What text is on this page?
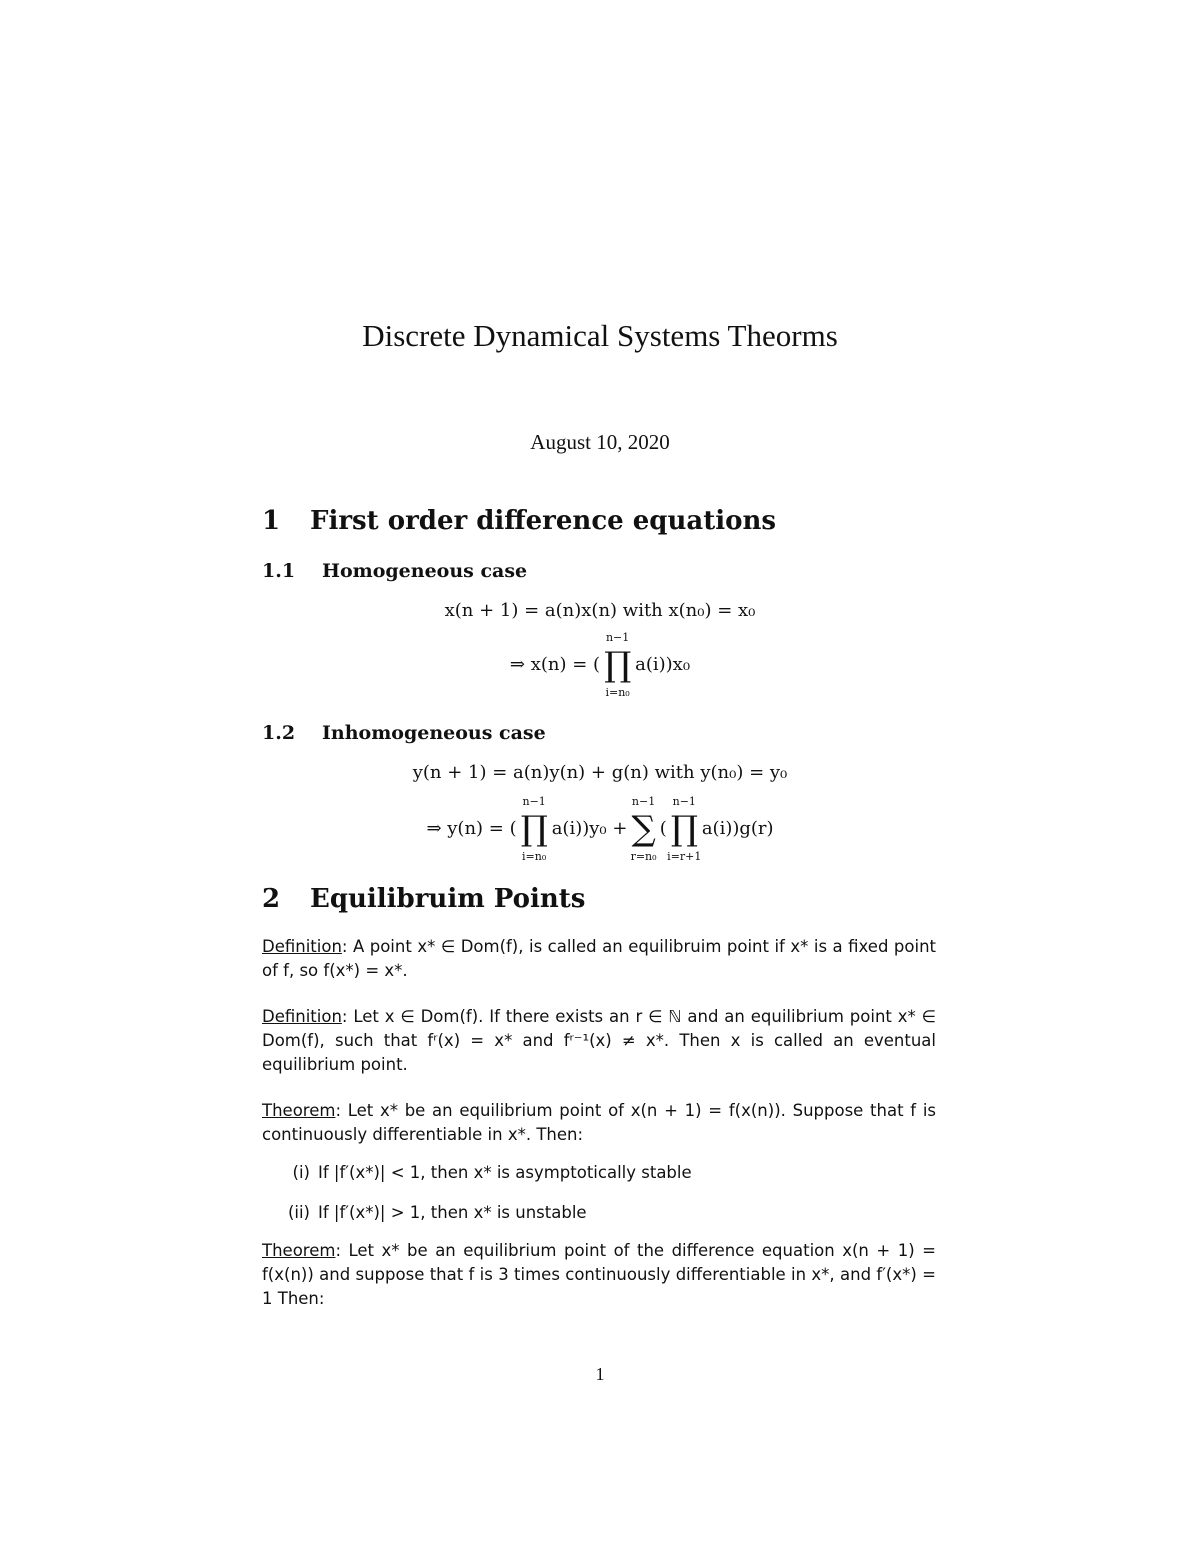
Discrete Dynamical Systems Theorms
August 10, 2020
1 First order difference equations
1.1 Homogeneous case
x(n + 1) = a(n)x(n) with x(n₀) = x₀
⇒ x(n) = ( ∏
n−1
i=n₀
a(i))x₀
1.2 Inhomogeneous case
y(n + 1) = a(n)y(n) + g(n) with y(n₀) = y₀
⇒ y(n) = ( ∏
n−1
i=n₀
a(i))y₀ + ∑
n−1
r=n₀
( ∏
n−1
i=r+1
a(i))g(r)
2 Equilibruim Points

Definition: A point x* ∈ Dom(f), is called an equilibruim point if x* is a fixed point of f, so f(x*) = x*.

Definition: Let x ∈ Dom(f). If there exists an r ∈ ℕ and an equilibrium point x* ∈ Dom(f), such that fʳ(x) = x* and fʳ⁻¹(x) ≠ x*. Then x is called an eventual equilibrium point.

Theorem: Let x* be an equilibrium point of x(n + 1) = f(x(n)). Suppose that f is continuously differentiable in x*. Then:

(i) If |f′(x*)| < 1, then x* is asymptotically stable
(ii) If |f′(x*)| > 1, then x* is unstable

Theorem: Let x* be an equilibrium point of the difference equation x(n + 1) = f(x(n)) and suppose that f is 3 times continuously differentiable in x*, and f′(x*) = 1 Then:

1
